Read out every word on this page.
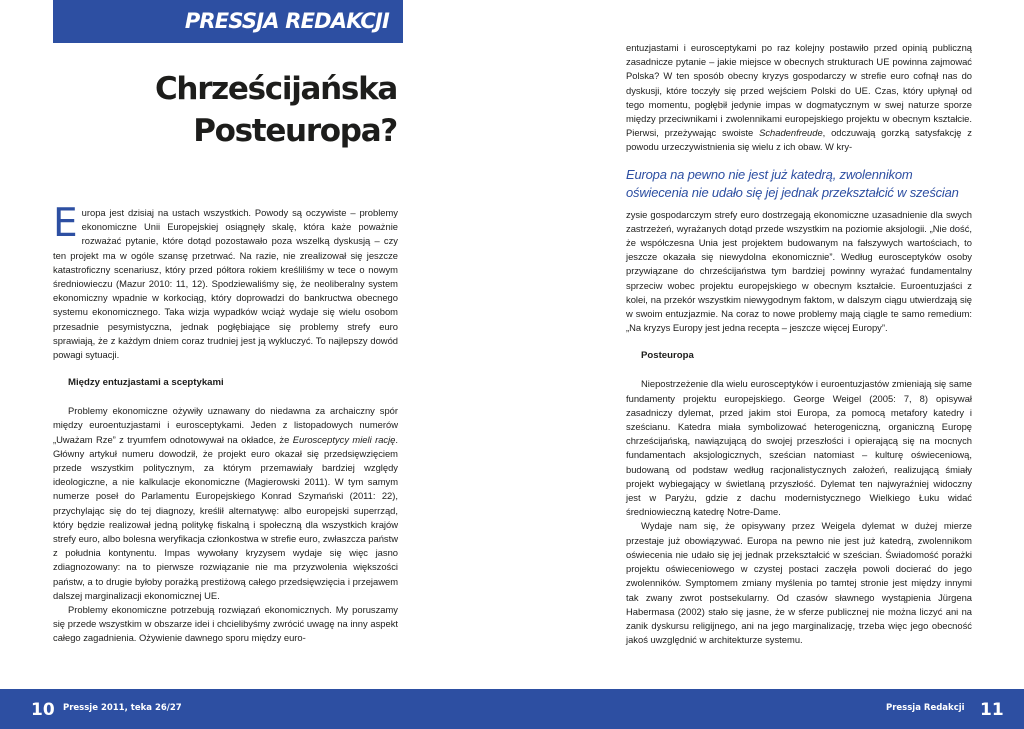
PRESSJA REDAKCJI
Chrześcijańska
Posteuropa?

Europa jest dzisiaj na ustach wszystkich. Powody są oczywiste – problemy ekonomiczne Unii Europejskiej osiągnęły skalę, która każe poważnie rozważać pytanie, które dotąd pozostawało poza wszelką dyskusją – czy ten projekt ma w ogóle szansę przetrwać. Na razie, nie zrealizował się jeszcze katastroficzny scenariusz, który przed półtora rokiem kreśliliśmy w tece o nowym średniowieczu (Mazur 2010: 11, 12). Spodziewaliśmy się, że neoliberalny system ekonomiczny wpadnie w korkociąg, który doprowadzi do bankructwa obecnego systemu ekonomicznego. Taka wizja wypadków wciąż wydaje się wielu osobom przesadnie pesymistyczna, jednak pogłębiające się problemy strefy euro sprawiają, że z każdym dniem coraz trudniej jest ją wykluczyć. To najlepszy dowód powagi sytuacji.

Między entuzjastami a sceptykami

Problemy ekonomiczne ożywiły uznawany do niedawna za archaiczny spór między euroentuzjastami i eurosceptykami. Jeden z listopadowych numerów „Uważam Rze” z tryumfem odnotowywał na okładce, że Eurosceptycy mieli rację. Główny artykuł numeru dowodził, że projekt euro okazał się przedsięwzięciem przede wszystkim politycznym, za którym przemawiały bardziej względy ideologiczne, a nie kalkulacje ekonomiczne (Magierowski 2011). W tym samym numerze poseł do Parlamentu Europejskiego Konrad Szymański (2011: 22), przychylając się do tej diagnozy, kreślił alternatywę: albo europejski superrząd, który będzie realizował jedną politykę fiskalną i społeczną dla wszystkich krajów strefy euro, albo bolesna weryfikacja członkostwa w strefie euro, zwłaszcza państw z południa kontynentu. Impas wywołany kryzysem wydaje się więc jasno zdiagnozowany: na to pierwsze rozwiązanie nie ma przyzwolenia większości państw, a to drugie byłoby porażką prestiżową całego przedsięwzięcia i przejawem dalszej marginalizacji ekonomicznej UE.

Problemy ekonomiczne potrzebują rozwiązań ekonomicznych. My poruszamy się przede wszystkim w obszarze idei i chcielibyśmy zwrócić uwagę na inny aspekt całego zagadnienia. Ożywienie dawnego sporu między euro-

entuzjastami i eurosceptykami po raz kolejny postawiło przed opinią publiczną zasadnicze pytanie – jakie miejsce w obecnych strukturach UE powinna zajmować Polska? W ten sposób obecny kryzys gospodarczy w strefie euro cofnął nas do dyskusji, które toczyły się przed wejściem Polski do UE. Czas, który upłynął od tego momentu, pogłębił jedynie impas w dogmatycznym w swej naturze sporze między przeciwnikami i zwolennikami europejskiego projektu w obecnym kształcie. Pierwsi, przeżywając swoiste Schadenfreude, odczuwają gorzką satysfakcję z powodu urzeczywistnienia się wielu z ich obaw. W kry-

Europa na pewno nie jest już katedrą, zwolennikom oświecenia nie udało się jej jednak przekształcić w sześcian

zysie gospodarczym strefy euro dostrzegają ekonomiczne uzasadnienie dla swych zastrzeżeń, wyrażanych dotąd przede wszystkim na poziomie aksjologii. „Nie dość, że współczesna Unia jest projektem budowanym na fałszywych wartościach, to jeszcze okazała się niewydolna ekonomicznie”. Według eurosceptyków osoby przywiązane do chrześcijaństwa tym bardziej powinny wyrażać fundamentalny sprzeciw wobec projektu europejskiego w obecnym kształcie. Euroentuzjaści z kolei, na przekór wszystkim niewygodnym faktom, w dalszym ciągu utwierdzają się w swoim entuzjazmie. Na coraz to nowe problemy mają ciągle te samo remedium: „Na kryzys Europy jest jedna recepta – jeszcze więcej Europy”.

Posteuropa

Niepostrzeżenie dla wielu eurosceptyków i euroentuzjastów zmieniają się same fundamenty projektu europejskiego. George Weigel (2005: 7, 8) opisywał zasadniczy dylemat, przed jakim stoi Europa, za pomocą metafory katedry i sześcianu. Katedra miała symbolizować heterogeniczną, organiczną Europę chrześcijańską, nawiązującą do swojej przeszłości i opierającą się na mocnych fundamentach aksjologicznych, sześcian natomiast – kulturę oświeceniową, budowaną od podstaw według racjonalistycznych założeń, realizującą śmiały projekt wybiegający w świetlaną przyszłość. Dylemat ten najwyraźniej widoczny jest w Paryżu, gdzie z dachu modernistycznego Wielkiego Łuku widać średniowieczną katedrę Notre-Dame.

Wydaje nam się, że opisywany przez Weigela dylemat w dużej mierze przestaje już obowiązywać. Europa na pewno nie jest już katedrą, zwolennikom oświecenia nie udało się jej jednak przekształcić w sześcian. Świadomość porażki projektu oświeceniowego w czystej postaci zaczęła powoli docierać do jego zwolenników. Symptomem zmiany myślenia po tamtej stronie jest między innymi tak zwany zwrot postsekularny. Od czasów sławnego wystąpienia Jürgena Habermasa (2002) stało się jasne, że w sferze publicznej nie można liczyć ani na zanik dyskursu religijnego, ani na jego marginalizację, trzeba więc jego obecność jakoś uwzględnić w architekturze systemu.

10 Pressje 2011, teka 26/27	Pressja Redakcji 11
